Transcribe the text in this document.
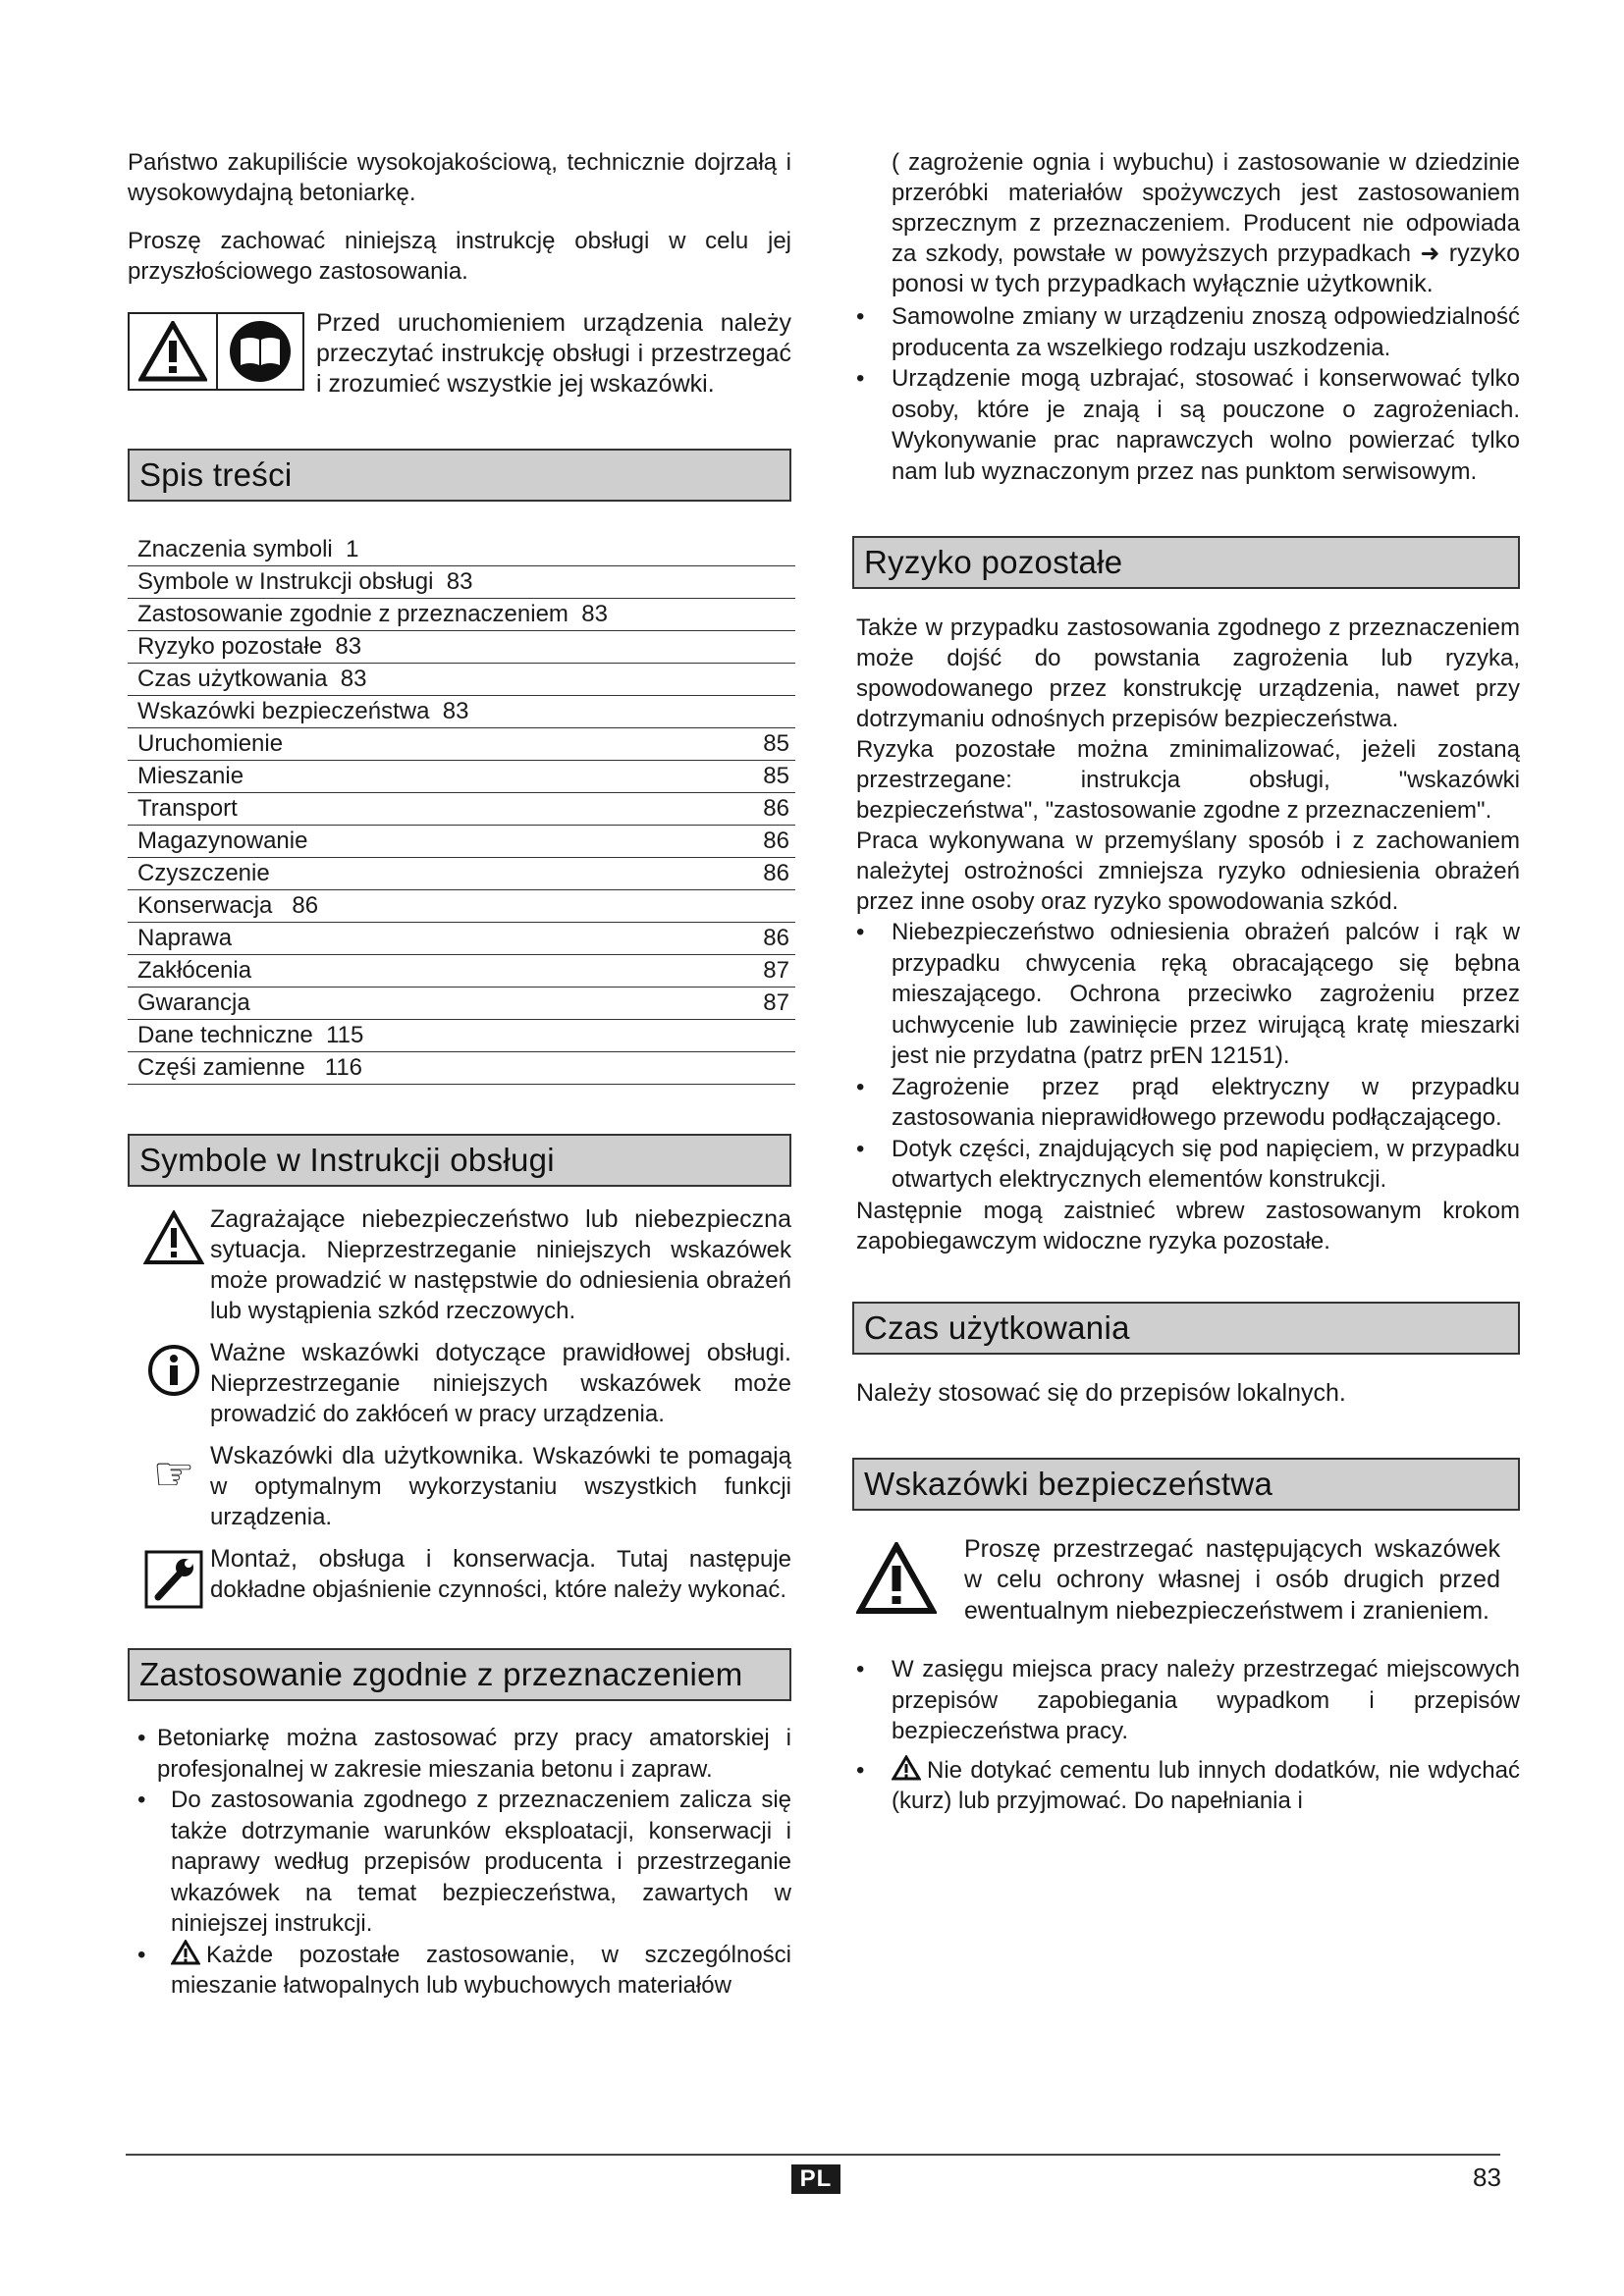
Państwo zakupiliście wysokojakościową, technicznie dojrzałą i wysokowydajną betoniarkę.

Proszę zachować niniejszą instrukcję obsługi w celu jej przyszłościowego zastosowania.

Przed uruchomieniem urządzenia należy przeczytać instrukcję obsługi i przestrzegać i zrozumieć wszystkie jej wskazówki.

Spis treści
Znaczenia symboli  1
Symbole w Instrukcji obsługi  83
Zastosowanie zgodnie z przeznaczeniem  83
Ryzyko pozostałe  83
Czas użytkowania  83
Wskazówki bezpieczeństwa  83
Uruchomienie	85
Mieszanie	85
Transport	86
Magazynowanie	86
Czyszczenie	86
Konserwacja   86
Naprawa	86
Zakłócenia	87
Gwarancja	87
Dane techniczne  115
Częśi zamienne   116
Symbole w Instrukcji obsługi

Zagrażające niebezpieczeństwo lub niebezpieczna sytuacja. Nieprzestrzeganie niniejszych wskazówek może prowadzić w następstwie do odniesienia obrażeń lub wystąpienia szkód rzeczowych.

Ważne wskazówki dotyczące prawidłowej obsługi. Nieprzestrzeganie niniejszych wskazówek może prowadzić do zakłóceń w pracy urządzenia.

☞ Wskazówki dla użytkownika. Wskazówki te pomagają w optymalnym wykorzystaniu wszystkich funkcji urządzenia.

Montaż, obsługa i konserwacja. Tutaj następuje dokładne objaśnienie czynności, które należy wykonać.

Zastosowanie zgodnie z przeznaczeniem
• Betoniarkę można zastosować przy pracy amatorskiej i profesjonalnej w zakresie mieszania betonu i zapraw.
• Do zastosowania zgodnego z przeznaczeniem zalicza się także dotrzymanie warunków eksploatacji, konserwacji i naprawy według przepisów producenta i przestrzeganie wkazówek na temat bezpieczeństwa, zawartych w niniejszej instrukcji.
•	Każde pozostałe zastosowanie, w szczególności mieszanie łatwopalnych lub wybuchowych materiałów

( zagrożenie ognia i wybuchu) i zastosowanie w dziedzinie przeróbki materiałów spożywczych jest zastosowaniem sprzecznym z przeznaczeniem. Producent nie odpowiada za szkody, powstałe w powyższych przypadkach ➜ ryzyko ponosi w tych przypadkach wyłącznie użytkownik.

• Samowolne zmiany w urządzeniu znoszą odpowiedzialność producenta za wszelkiego rodzaju uszkodzenia.
• Urządzenie mogą uzbrajać, stosować i konserwować tylko osoby, które je znają i są pouczone o zagrożeniach. Wykonywanie prac naprawczych wolno powierzać tylko nam lub wyznaczonym przez nas punktom serwisowym.
Ryzyko pozostałe

Także w przypadku zastosowania zgodnego z przeznaczeniem może dojść do powstania zagrożenia lub ryzyka, spowodowanego przez konstrukcję urządzenia, nawet przy dotrzymaniu odnośnych przepisów bezpieczeństwa.

Ryzyka pozostałe można zminimalizować, jeżeli zostaną przestrzegane: instrukcja obsługi, "wskazówki bezpieczeństwa", "zastosowanie zgodne z przeznaczeniem".

Praca wykonywana w przemyślany sposób i z zachowaniem należytej ostrożności zmniejsza ryzyko odniesienia obrażeń przez inne osoby oraz ryzyko spowodowania szkód.

• Niebezpieczeństwo odniesienia obrażeń palców i rąk w przypadku chwycenia ręką obracającego się bębna mieszającego. Ochrona przeciwko zagrożeniu przez uchwycenie lub zawinięcie przez wirującą kratę mieszarki jest nie przydatna (patrz prEN 12151).
• Zagrożenie przez prąd elektryczny w przypadku zastosowania nieprawidłowego przewodu podłączającego.
• Dotyk części, znajdujących się pod napięciem, w przypadku otwartych elektrycznych elementów konstrukcji.

Następnie mogą zaistnieć wbrew zastosowanym krokom zapobiegawczym widoczne ryzyka pozostałe.

Czas użytkowania

Należy stosować się do przepisów lokalnych.

Wskazówki bezpieczeństwa

Proszę przestrzegać następujących wskazówek w celu ochrony własnej i osób drugich przed ewentualnym niebezpieczeństwem i zranieniem.

• W zasięgu miejsca pracy należy przestrzegać miejscowych przepisów zapobiegania wypadkom i przepisów bezpieczeństwa pracy.
•	Nie dotykać cementu lub innych dodatków, nie wdychać (kurz) lub przyjmować. Do napełniania i
PL	83
